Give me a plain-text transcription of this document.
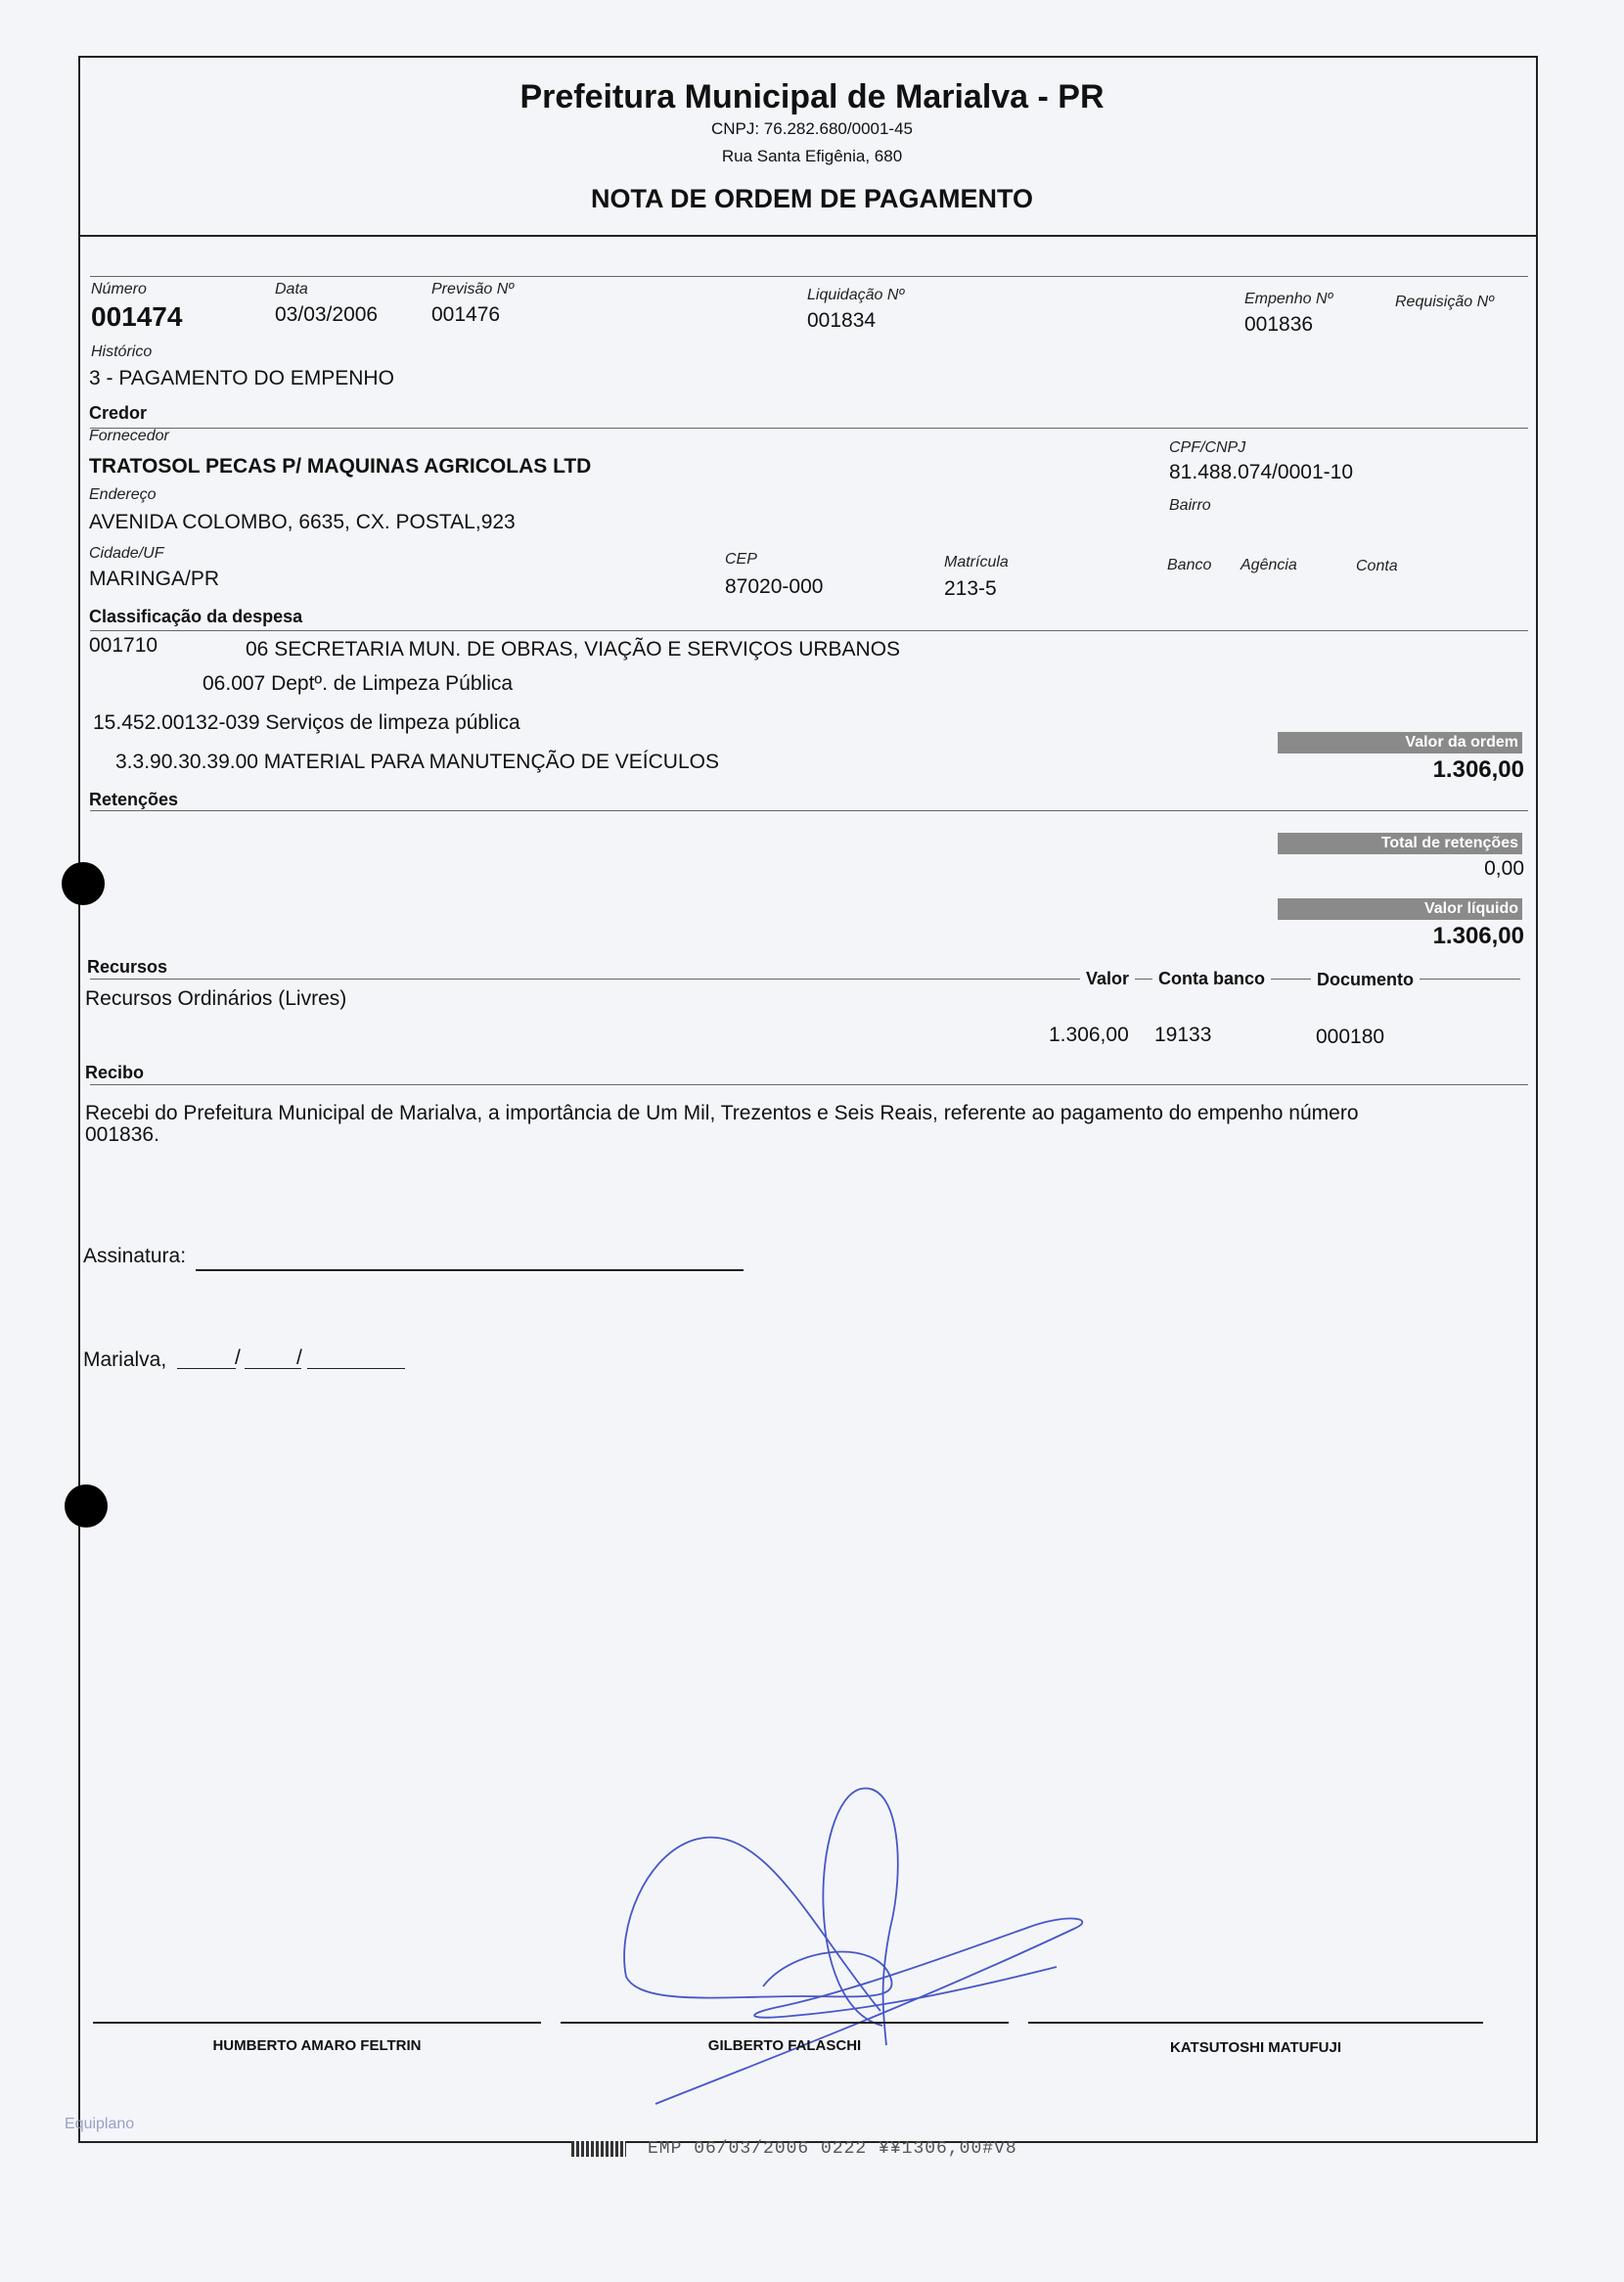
Prefeitura Municipal de Marialva - PR
CNPJ: 76.282.680/0001-45
Rua Santa Efigênia, 680
NOTA DE ORDEM DE PAGAMENTO
Número
001474
Data
03/03/2006
Previsão Nº
001476
Liquidação Nº
001834
Empenho Nº
001836
Requisição Nº
Histórico
3 - PAGAMENTO DO EMPENHO
Credor
Fornecedor
TRATOSOL PECAS P/ MAQUINAS AGRICOLAS LTD
CPF/CNPJ
81.488.074/0001-10
Endereço
AVENIDA COLOMBO, 6635, CX. POSTAL,923
Bairro
Cidade/UF
MARINGA/PR
CEP
87020-000
Matrícula
213-5
Banco Agência	Conta
Classificação da despesa
001710	06 SECRETARIA MUN. DE OBRAS, VIAÇÃO E SERVIÇOS URBANOS
06.007 Deptº. de Limpeza Pública
15.452.00132-039 Serviços de limpeza pública
3.3.90.30.39.00 MATERIAL PARA MANUTENÇÃO DE VEÍCULOS
Valor da ordem
1.306,00
Retenções
Total de retenções
0,00
Valor líquido
1.306,00
Recursos
Valor	Conta banco	Documento
Recursos Ordinários (Livres)
1.306,00 19133	000180
Recibo
Recebi do Prefeitura Municipal de Marialva, a importância de Um Mil, Trezentos e Seis Reais, referente ao pagamento do empenho número
001836.
Assinatura:
Marialva,	/	/
HUMBERTO AMARO FELTRIN	GILBERTO FALASCHI	KATSUTOSHI MATUFUJI
Equiplano
EMP 06/03/2006 0222 ¥¥1306,00#V8
